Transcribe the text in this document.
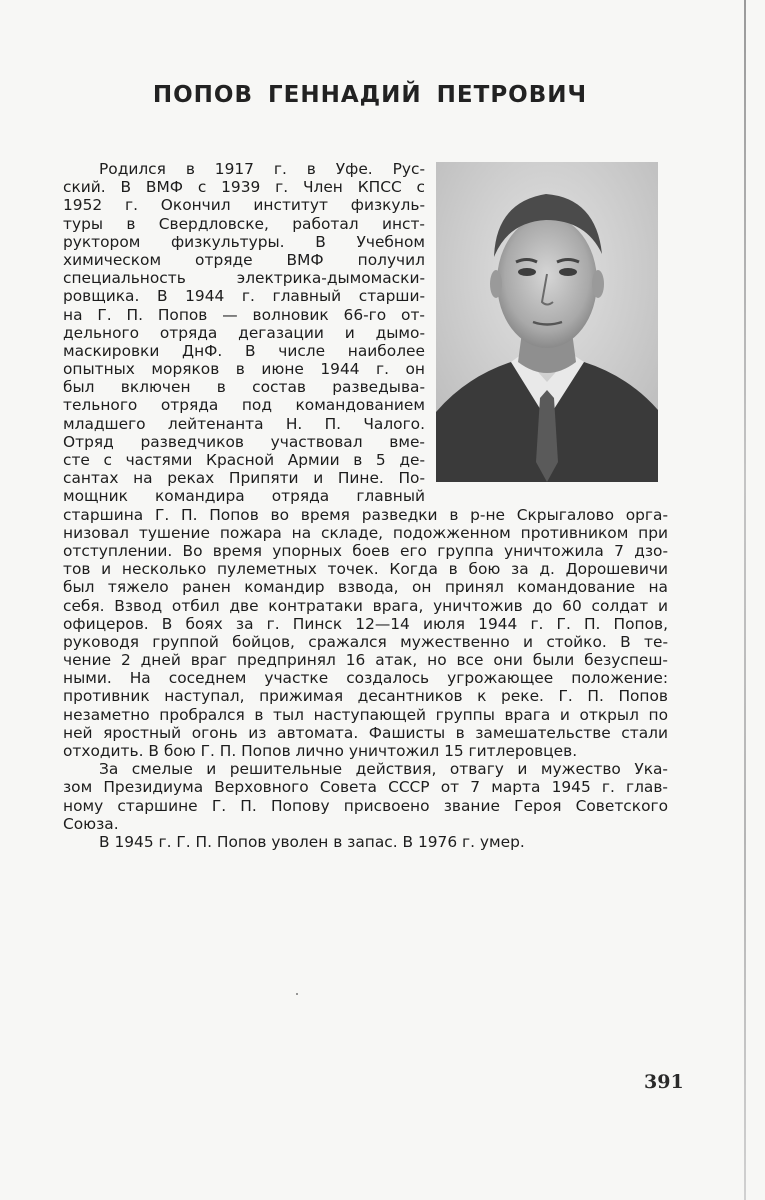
ПОПОВ ГЕННАДИЙ ПЕТРОВИЧ
Родился в 1917 г. в Уфе. Рус-
ский. В ВМФ с 1939 г. Член КПСС с
1952 г. Окончил институт физкуль-
туры в Свердловске, работал инст-
руктором физкультуры. В Учебном
химическом отряде ВМФ получил
специальность электрика-дымомаски-
ровщика. В 1944 г. главный старши-
на Г. П. Попов — волновик 66-го от-
дельного отряда дегазации и дымо-
маскировки ДнФ. В числе наиболее
опытных моряков в июне 1944 г. он
был включен в состав разведыва-
тельного отряда под командованием
младшего лейтенанта Н. П. Чалого.
Отряд разведчиков участвовал вме-
сте с частями Красной Армии в 5 де-
сантах на реках Припяти и Пине. По-
мощник командира отряда главный
старшина Г. П. Попов во время разведки в р-не Скрыгалово орга-
низовал тушение пожара на складе, подожженном противником при
отступлении. Во время упорных боев его группа уничтожила 7 дзо-
тов и несколько пулеметных точек. Когда в бою за д. Дорошевичи
был тяжело ранен командир взвода, он принял командование на
себя. Взвод отбил две контратаки врага, уничтожив до 60 солдат и
офицеров. В боях за г. Пинск 12—14 июля 1944 г. Г. П. Попов,
руководя группой бойцов, сражался мужественно и стойко. В те-
чение 2 дней враг предпринял 16 атак, но все они были безуспеш-
ными. На соседнем участке создалось угрожающее положение:
противник наступал, прижимая десантников к реке. Г. П. Попов
незаметно пробрался в тыл наступающей группы врага и открыл по
ней яростный огонь из автомата. Фашисты в замешательстве стали
отходить. В бою Г. П. Попов лично уничтожил 15 гитлеровцев.
За смелые и решительные действия, отвагу и мужество Ука-
зом Президиума Верховного Совета СССР от 7 марта 1945 г. глав-
ному старшине Г. П. Попову присвоено звание Героя Советского
Союза.
В 1945 г. Г. П. Попов уволен в запас. В 1976 г. умер.
391
